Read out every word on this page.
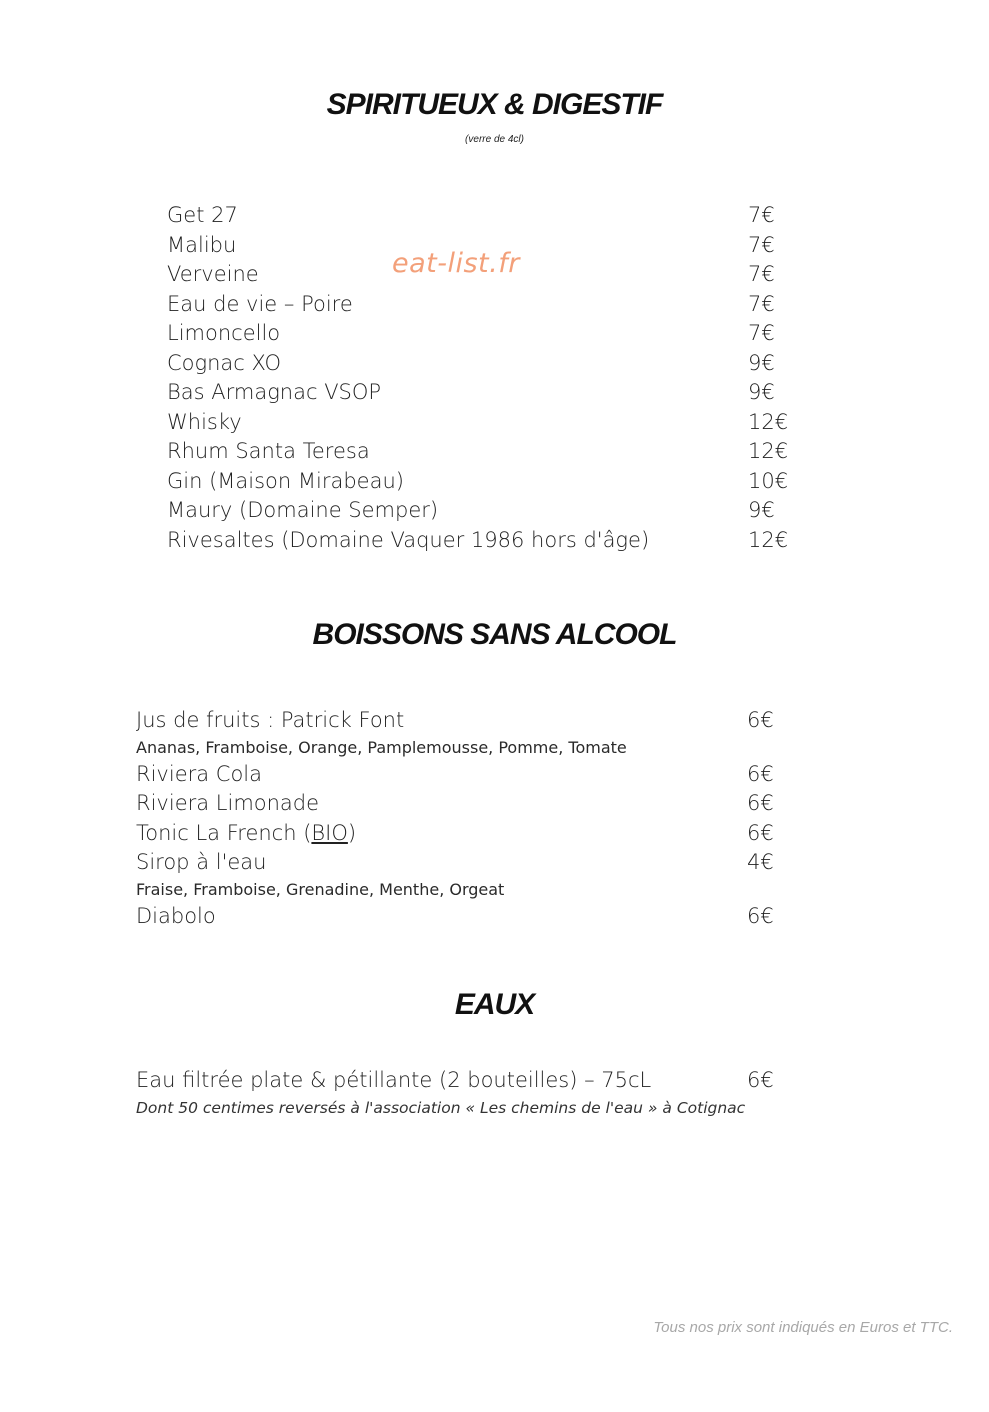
SPIRITUEUX & DIGESTIF
(verre de 4cl)
eat-list.fr
Get 27	7€
Malibu	7€
Verveine	7€
Eau de vie – Poire	7€
Limoncello	7€
Cognac XO	9€
Bas Armagnac VSOP	9€
Whisky	12€
Rhum Santa Teresa	12€
Gin (Maison Mirabeau)	10€
Maury (Domaine Semper)	9€
Rivesaltes (Domaine Vaquer 1986 hors d'âge)	12€
BOISSONS SANS ALCOOL
Jus de fruits : Patrick Font	6€
Ananas, Framboise, Orange, Pamplemousse, Pomme, Tomate
Riviera Cola	6€
Riviera Limonade	6€
Tonic La French (BIO)	6€
Sirop à l'eau	4€
Fraise, Framboise, Grenadine, Menthe, Orgeat
Diabolo	6€
EAUX
Eau filtrée plate & pétillante (2 bouteilles) – 75cL	6€
Dont 50 centimes reversés à l'association « Les chemins de l'eau » à Cotignac
Tous nos prix sont indiqués en Euros et TTC.
